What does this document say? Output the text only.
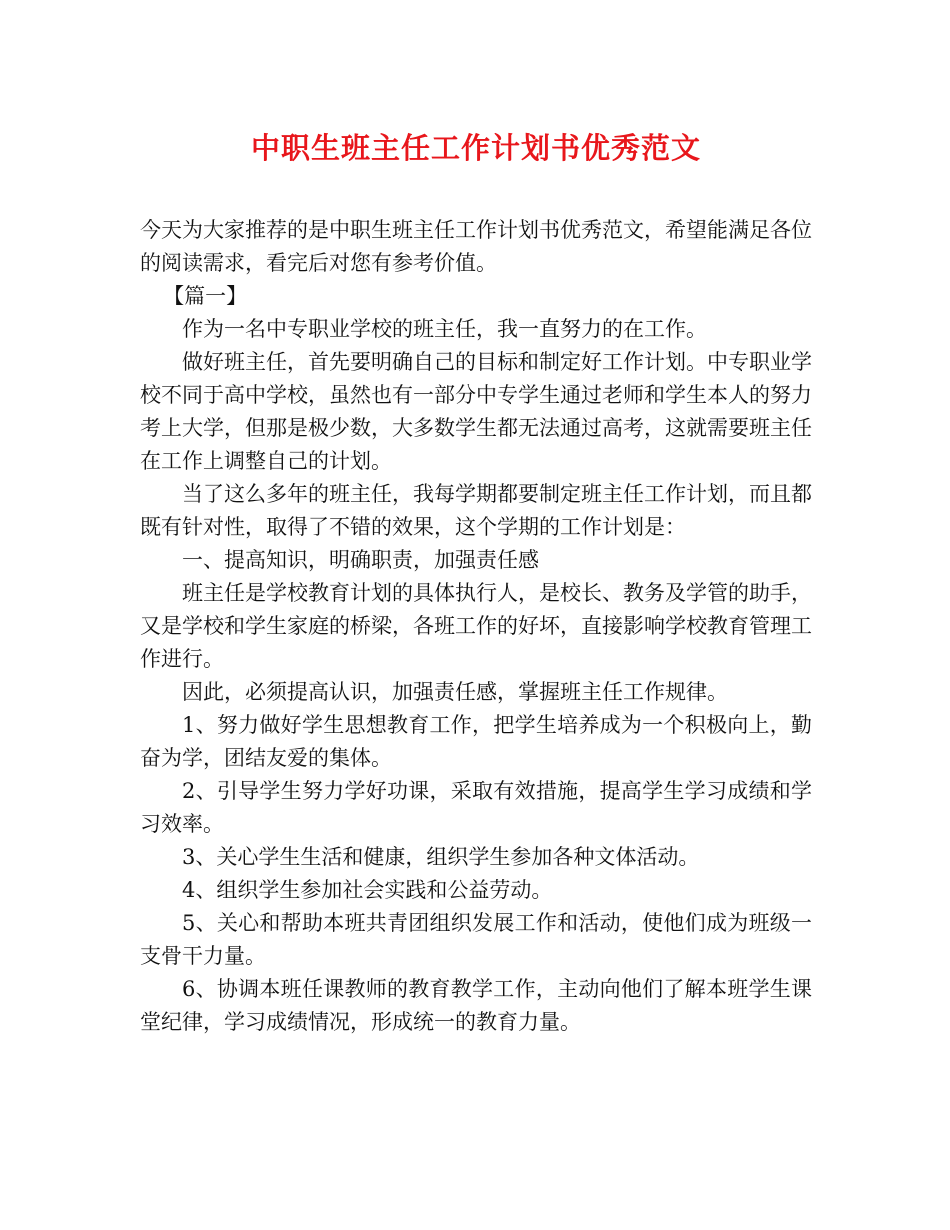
中职生班主任工作计划书优秀范文

今天为大家推荐的是中职生班主任工作计划书优秀范文，希望能满足各位的阅读需求，看完后对您有参考价值。

【篇一】

作为一名中专职业学校的班主任，我一直努力的在工作。

做好班主任，首先要明确自己的目标和制定好工作计划。中专职业学校不同于高中学校，虽然也有一部分中专学生通过老师和学生本人的努力考上大学，但那是极少数，大多数学生都无法通过高考，这就需要班主任在工作上调整自己的计划。

当了这么多年的班主任，我每学期都要制定班主任工作计划，而且都既有针对性，取得了不错的效果，这个学期的工作计划是：

一、提高知识，明确职责，加强责任感

班主任是学校教育计划的具体执行人，是校长、教务及学管的助手，又是学校和学生家庭的桥梁，各班工作的好坏，直接影响学校教育管理工作进行。

因此，必须提高认识，加强责任感，掌握班主任工作规律。

1、努力做好学生思想教育工作，把学生培养成为一个积极向上，勤奋为学，团结友爱的集体。

2、引导学生努力学好功课，采取有效措施，提高学生学习成绩和学习效率。

3、关心学生生活和健康，组织学生参加各种文体活动。

4、组织学生参加社会实践和公益劳动。

5、关心和帮助本班共青团组织发展工作和活动，使他们成为班级一支骨干力量。

6、协调本班任课教师的教育教学工作，主动向他们了解本班学生课堂纪律，学习成绩情况，形成统一的教育力量。
